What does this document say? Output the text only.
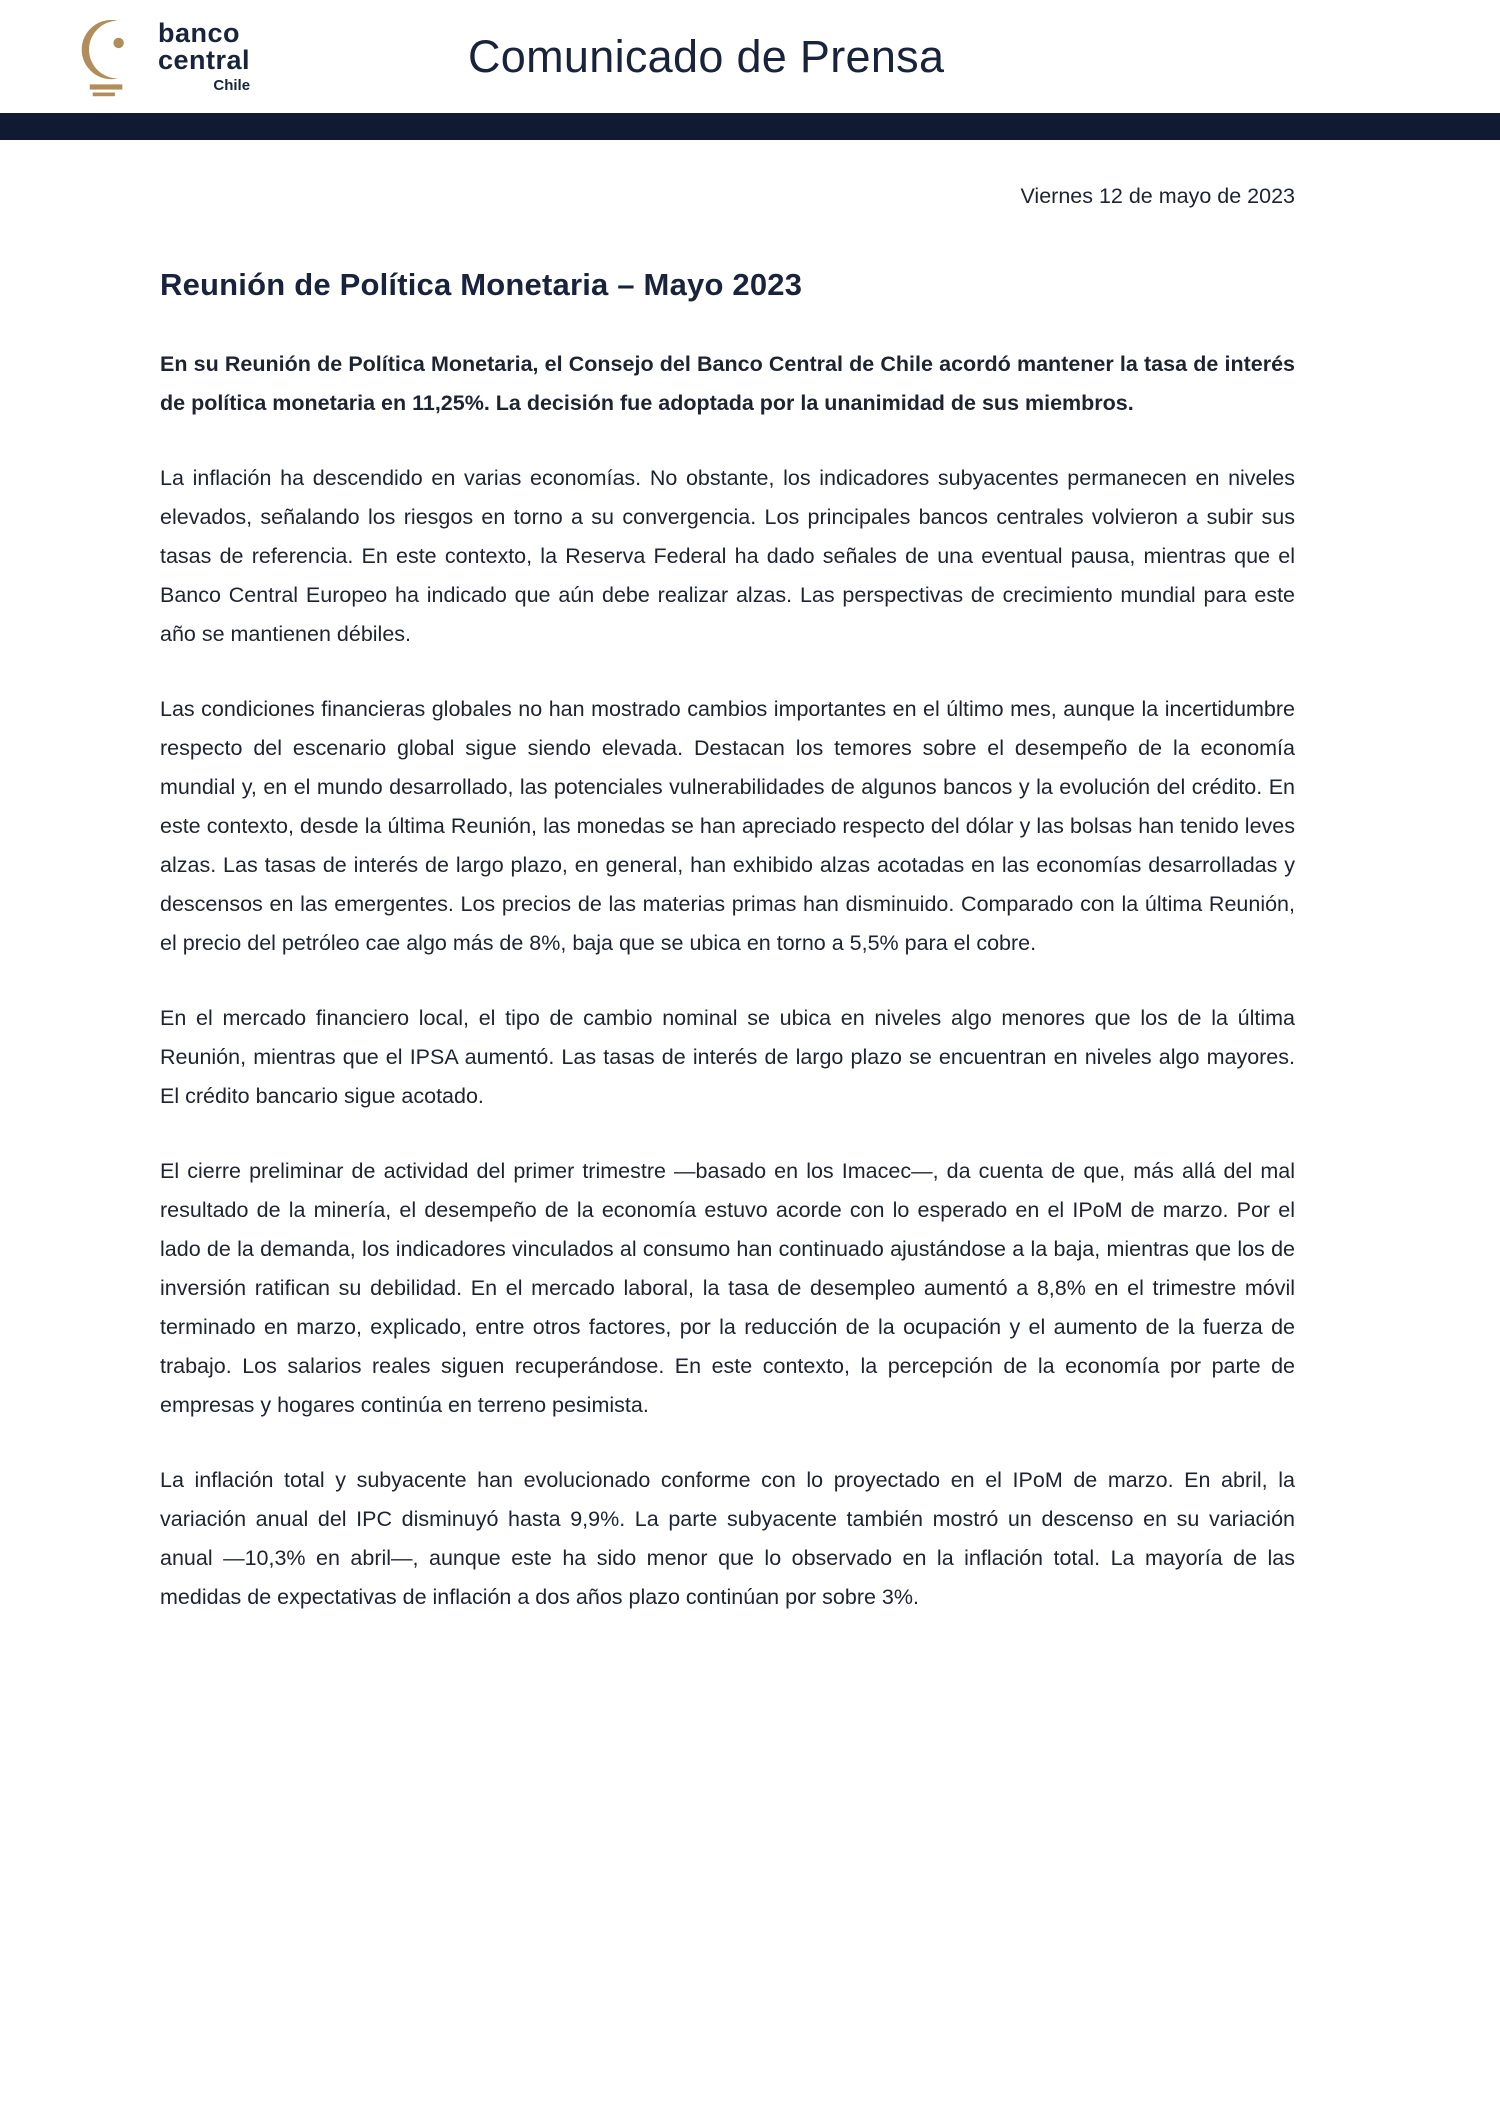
banco
central
Chile
Comunicado de Prensa

Viernes 12 de mayo de 2023

Reunión de Política Monetaria – Mayo 2023

En su Reunión de Política Monetaria, el Consejo del Banco Central de Chile acordó mantener la tasa de interés de política monetaria en 11,25%. La decisión fue adoptada por la unanimidad de sus miembros.

La inflación ha descendido en varias economías. No obstante, los indicadores subyacentes permanecen en niveles elevados, señalando los riesgos en torno a su convergencia. Los principales bancos centrales volvieron a subir sus tasas de referencia. En este contexto, la Reserva Federal ha dado señales de una eventual pausa, mientras que el Banco Central Europeo ha indicado que aún debe realizar alzas. Las perspectivas de crecimiento mundial para este año se mantienen débiles.

Las condiciones financieras globales no han mostrado cambios importantes en el último mes, aunque la incertidumbre respecto del escenario global sigue siendo elevada. Destacan los temores sobre el desempeño de la economía mundial y, en el mundo desarrollado, las potenciales vulnerabilidades de algunos bancos y la evolución del crédito. En este contexto, desde la última Reunión, las monedas se han apreciado respecto del dólar y las bolsas han tenido leves alzas. Las tasas de interés de largo plazo, en general, han exhibido alzas acotadas en las economías desarrolladas y descensos en las emergentes. Los precios de las materias primas han disminuido. Comparado con la última Reunión, el precio del petróleo cae algo más de 8%, baja que se ubica en torno a 5,5% para el cobre.

En el mercado financiero local, el tipo de cambio nominal se ubica en niveles algo menores que los de la última Reunión, mientras que el IPSA aumentó. Las tasas de interés de largo plazo se encuentran en niveles algo mayores. El crédito bancario sigue acotado.

El cierre preliminar de actividad del primer trimestre —basado en los Imacec—, da cuenta de que, más allá del mal resultado de la minería, el desempeño de la economía estuvo acorde con lo esperado en el IPoM de marzo. Por el lado de la demanda, los indicadores vinculados al consumo han continuado ajustándose a la baja, mientras que los de inversión ratifican su debilidad. En el mercado laboral, la tasa de desempleo aumentó a 8,8% en el trimestre móvil terminado en marzo, explicado, entre otros factores, por la reducción de la ocupación y el aumento de la fuerza de trabajo. Los salarios reales siguen recuperándose. En este contexto, la percepción de la economía por parte de empresas y hogares continúa en terreno pesimista.

La inflación total y subyacente han evolucionado conforme con lo proyectado en el IPoM de marzo. En abril, la variación anual del IPC disminuyó hasta 9,9%. La parte subyacente también mostró un descenso en su variación anual —10,3% en abril—, aunque este ha sido menor que lo observado en la inflación total. La mayoría de las medidas de expectativas de inflación a dos años plazo continúan por sobre 3%.
